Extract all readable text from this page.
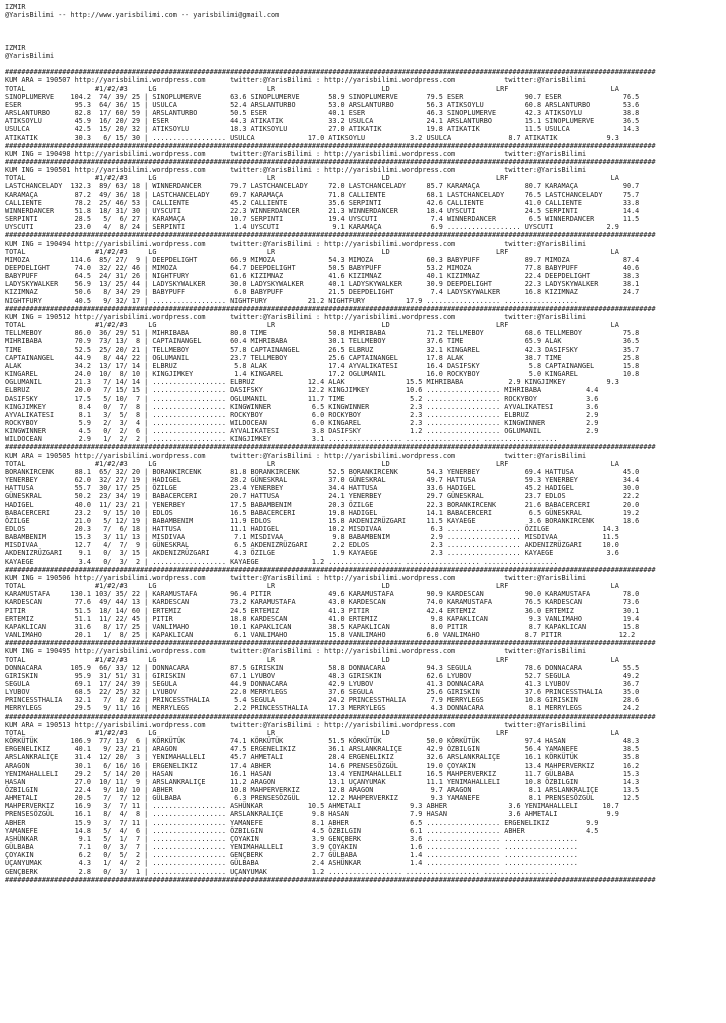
IZMIR
@YarisBilimi -- http://www.yarisbilimi.com -- yarisbilimi@gmail.com

IZMIR
@YarisBilimi

###############################################################################################################################################################
KUM ARA = 190507 http://yarisbilimi.wordpress.com      twitter:@YarisBilimi : http://yarisbilimi.wordpress.com            twitter:@YarisBilimi
TOTAL                 #1/#2/#3     LG                           LR                          LD                          LRF                         LA
SINOPLUMERVE    104.2  74/ 39/ 25 | SINOPLUMERVE       63.6 SINOPLUMERVE       58.9 SINOPLUMERVE       79.5 ESER               90.7 ESER               76.5
ESER             95.3  64/ 36/ 15 | USULCA             52.4 ARSLANTURBO        53.0 ARSLANTURBO        56.3 ATIKSOYLU          60.8 ARSLANTURBO        53.6
ARSLANTURBO      82.8  17/ 60/ 59 | ARSLANTURBO        50.5 ESER               40.1 ESER               46.3 SINOPLUMERVE       42.3 ATIKSOYLU          38.8
ATIKSOYLU        45.9  16/ 20/ 29 | ESER               44.3 ATIKATIK           33.2 USULCA             24.1 ARSLANTURBO        15.1 SINOPLUMERVE       36.5
USULCA           42.5  15/ 20/ 32 | ATIKSOYLU          18.3 ATIKSOYLU          27.0 ATIKATIK           19.8 ATIKATIK           11.5 USULCA             14.3
ATIKATIK         30.3   6/ 15/ 30 | .................. USULCA             17.0 ATIKSOYLU           3.2 USULCA              8.7 ATIKATIK            9.3
###############################################################################################################################################################
KUM ING = 190498 http://yarisbilimi.wordpress.com      twitter:@YarisBilimi : http://yarisbilimi.wordpress.com            twitter:@YarisBilimi
###############################################################################################################################################################
KUM ING = 190501 http://yarisbilimi.wordpress.com      twitter:@YarisBilimi : http://yarisbilimi.wordpress.com            twitter:@YarisBilimi
TOTAL                 #1/#2/#3     LG                           LR                          LD                          LRF                         LA
LASTCHANCELADY  132.3  89/ 63/ 18 | WINNERDANCER       79.7 LASTCHANCELADY     72.0 LASTCHANCELADY     85.7 KARAMAÇA           80.7 KARAMAÇA           90.7
KARAMAÇA         87.2  49/ 36/ 18 | LASTCHANCELADY     69.7 KARAMAÇA           71.8 CALLIENTE          68.1 LASTCHANCELADY     76.5 LASTCHANCELADY     75.7
CALLIENTE        78.2  25/ 46/ 53 | CALLIENTE          45.2 CALLIENTE          35.6 SERPINTI           42.6 CALLIENTE          41.0 CALLIENTE          33.8
WINNERDANCER     51.8  18/ 31/ 30 | UYSCUTI            22.3 WINNERDANCER       21.3 WINNERDANCER       18.4 UYSCUTI            24.5 SERPINTI           14.4
SERPINTI         28.5   5/  6/ 27 | KARAMAÇA           10.7 SERPINTI           19.4 UYSCUTI             7.4 WINNERDANCER        6.5 WINNERDANCER       11.5
UYSCUTI          23.0   4/  8/ 24 | SERPINTI            1.4 UYSCUTI             9.1 KARAMAÇA            6.9 .................. UYSCUTI             2.9
###############################################################################################################################################################
KUM ING = 190494 http://yarisbilimi.wordpress.com      twitter:@YarisBilimi : http://yarisbilimi.wordpress.com            twitter:@YarisBilimi
TOTAL                 #1/#2/#3     LG                           LR                          LD                          LRF                         LA
MIMOZA          114.6  85/ 27/  9 | DEEPDELIGHT        66.9 MIMOZA             54.3 MIMOZA             60.3 BABYPUFF           89.7 MIMOZA             87.4
DEEPDELIGHT      74.0  32/ 22/ 46 | MIMOZA             64.7 DEEPDELIGHT        50.5 BABYPUFF           53.2 MIMOZA             77.8 BABYPUFF           40.6
BABYPUFF         64.5  24/ 31/ 26 | NIGHTFURY          61.6 KIZIMNAZ           41.6 KIZIMNAZ           40.1 KIZIMNAZ           22.4 DEEPDELIGHT        38.3
LADYSKYWALKER    56.9  13/ 25/ 44 | LADYSKYWALKER      30.0 LADYSKYWALKER      40.1 LADYSKYWALKER      30.9 DEEPDELIGHT        22.3 LADYSKYWALKER      38.1
KIZIMNAZ         50.6   8/ 34/ 29 | BABYPUFF            6.0 BABYPUFF           21.5 DEEPDELIGHT         7.4 LADYSKYWALKER      16.8 KIZIMNAZ           24.7
NIGHTFURY        40.5   9/ 32/ 17 | .................. NIGHTFURY          21.2 NIGHTFURY          17.9 .................. ..................
###############################################################################################################################################################
KUM ING = 190512 http://yarisbilimi.wordpress.com      twitter:@YarisBilimi : http://yarisbilimi.wordpress.com            twitter:@YarisBilimi
TOTAL                 #1/#2/#3     LG                           LR                          LD                          LRF                         LA
TELLMEBOY        86.0  36/ 29/ 51 | MIHRIBABA          80.0 TIME               50.8 MIHRIBABA          71.2 TELLMEBOY          68.6 TELLMEBOY          75.8
MIHRIBABA        70.9  73/ 13/  8 | CAPTAINANGEL       60.4 MIHRIBABA          30.1 TELLMEBOY          37.6 TIME               65.9 ALAK               36.5
TIME             52.5  25/ 20/ 21 | TELLMEBOY          57.8 CAPTAINANGEL       26.5 ELBRUZ             32.1 KINGAREL           42.3 DASIFSKY           35.7
CAPTAINANGEL     44.9   8/ 44/ 22 | OGLUMANIL          23.7 TELLMEBOY          25.6 CAPTAINANGEL       17.8 ALAK               38.7 TIME               25.8
ALAK             34.2  13/ 17/ 14 | ELBRUZ              5.8 ALAK               17.4 AYVALIKATESI       16.4 DASIFSKY            5.8 CAPTAINANGEL       15.8
KINGAREL         24.0  10/  8/ 10 | KINGJIMKEY          1.4 KINGAREL           17.2 OGLUMANIL          16.0 ROCKYBOY            5.0 KINGAREL           10.8
OGLUMANIL        21.3   7/ 14/ 14 | .................. ELBRUZ             12.4 ALAK               15.5 MIHRIBABA           2.9 KINGJIMKEY          9.3
ELBRUZ           20.0   7/ 15/ 15 | .................. DASIFSKY           12.2 KINGJIMKEY         10.6 .................. MIHRIBABA           4.4
DASIFSKY         17.5   5/ 10/  7 | .................. OGLUMANIL          11.7 TIME                5.2 .................. ROCKYBOY            3.6
KINGJIMKEY        8.4   0/  7/  8 | .................. KINGWINNER          6.5 KINGWINNER          2.3 .................. AYVALIKATESI        3.6
AYVALIKATESI      8.1   3/  5/  8 | .................. ROCKYBOY            6.0 ROCKYBOY            2.3 .................. ELBRUZ              2.9
ROCKYBOY          5.9   2/  3/  4 | .................. WILDOCEAN           6.0 KINGAREL            2.3 .................. KINGWINNER          2.9
KINGWINNER        4.5   0/  2/  6 | .................. AYVALIKATESI        3.8 DASIFSKY            1.2 .................. OGLUMANIL           2.9
WILDOCEAN         2.9   1/  2/  2 | .................. KINGJIMKEY          3.1 .................. .................. ..................
###############################################################################################################################################################
KUM ARA = 190505 http://yarisbilimi.wordpress.com      twitter:@YarisBilimi : http://yarisbilimi.wordpress.com            twitter:@YarisBilimi
TOTAL                 #1/#2/#3     LG                           LR                          LD                          LRF                         LA
BORANKIRCENK     88.1  65/ 32/ 20 | BORANKIRCENK       81.8 BORANKIRCENK       52.5 BORANKIRCENK       54.3 YENERBEY           69.4 HATTUSA            45.0
YENERBEY         62.0  32/ 27/ 19 | HADIGEL            28.2 GÜNESKRAL          37.0 GÜNESKRAL          49.7 HATTUSA            59.3 YENERBEY           34.4
HATTUSA          55.7  30/ 17/ 25 | ÖZILGE             23.4 YENERBEY           34.4 HATTUSA            33.6 HADIGEL            45.2 HADIGEL            30.0
GÜNESKRAL        50.2  23/ 34/ 19 | BABACERCERI        20.7 HATTUSA            24.1 YENERBEY           29.7 GÜNESKRAL          23.7 EDLOS              22.2
HADIGEL          40.0  11/ 23/ 21 | YENERBEY           17.5 BABAMBENIM         20.3 ÖZILGE             22.3 BORANKIRCENK       21.6 BABACERCERI        20.0
BABACERCERI      23.2   9/ 15/ 10 | EDLOS              16.5 BABACERCERI        19.8 HADIGEL            14.1 BABACERCERI         6.5 GÜNESKRAL          19.2
ÖZILGE           21.0   5/ 12/ 19 | BABAMBENIM         11.9 EDLOS              15.8 AKDENIZRÜZGARI     11.5 KAYAEGE             3.6 BORANKIRCENK       18.6
EDLOS            20.3   7/  6/ 18 | HATTUSA            11.1 HADIGEL            10.2 MISDIVAA            6.3 .................. ÖZILGE             14.3
BABAMBENIM       15.3   3/ 11/ 13 | MISDIVAA            7.1 MISDIVAA            9.8 BABAMBENIM          2.9 .................. MISDIVAA           11.5
MISDIVAA         12.7   4/  7/  9 | GÜNESKRAL           6.5 AKDENIZRÜZGARI      2.2 EDLOS               2.3 .................. AKDENIZRÜZGARI     10.0
AKDENIZRÜZGARI    9.1   0/  3/ 15 | AKDENIZRÜZGARI      4.3 ÖZILGE              1.9 KAYAEGE             2.3 .................. KAYAEGE             3.6
KAYAEGE           3.4   0/  3/  2 | .................. KAYAEGE             1.2 .................. .................. ..................
###############################################################################################################################################################
KUM ING = 190506 http://yarisbilimi.wordpress.com      twitter:@YarisBilimi : http://yarisbilimi.wordpress.com            twitter:@YarisBilimi
TOTAL                 #1/#2/#3     LG                           LR                          LD                          LRF                         LA
KARAMUSTAFA     130.1 103/ 35/ 22 | KARAMUSTAFA        96.4 PITIR              49.6 KARAMUSTAFA        90.9 KARDESCAN          90.0 KARAMUSTAFA        78.0
KARDESCAN        77.6  49/ 44/ 13 | KARDESCAN          73.2 KARAMUSTAFA        43.0 KARDESCAN          74.0 KARAMUSTAFA        76.5 KARDESCAN          73.6
PITIR            51.5  18/ 14/ 60 | ERTEMIZ            24.5 ERTEMIZ            41.3 PITIR              42.4 ERTEMIZ            36.0 ERTEMIZ            30.1
ERTEMIZ          51.1  11/ 22/ 45 | PITIR              18.8 KARDESCAN          41.0 ERTEMIZ             9.8 KAPAKLICAN          9.3 VANLIMAHO          19.4
KAPAKLICAN       31.6   8/ 17/ 25 | VANLIMAHO          10.1 KAPAKLICAN         38.5 KAPAKLICAN          8.0 PITIR               8.7 KAPAKLICAN         15.8
VANLIMAHO        20.1   1/  8/ 25 | KAPAKLICAN          6.1 VANLIMAHO          15.8 VANLIMAHO          6.0 VANLIMAHO           8.7 PITIR              12.2
###############################################################################################################################################################
KUM ING = 190495 http://yarisbilimi.wordpress.com      twitter:@YarisBilimi : http://yarisbilimi.wordpress.com            twitter:@YarisBilimi
TOTAL                 #1/#2/#3     LG                           LR                          LD                          LRF                         LA
DONNACARA       105.9  66/ 33/ 12 | DONNACARA          87.5 GIRISKIN           58.8 DONNACARA          94.3 SEGULA             78.6 DONNACARA          55.5
GIRISKIN         95.9  31/ 51/ 31 | GIRISKIN           67.1 LYUBOV             48.3 GIRISKIN           62.6 LYUBOV             52.7 SEGULA             49.2
SEGULA           69.1  17/ 24/ 39 | SEGULA             44.9 DONNACARA          42.9 LYUBOV             41.3 DONNACARA          41.3 LYUBOV             36.7
LYUBOV           68.5  22/ 25/ 32 | LYUBOV             22.0 MERRYLEGS          37.6 SEGULA             25.6 GIRISKIN           37.6 PRINCESSTHALIA     35.0
PRINCESSTHALIA   32.1   7/  8/ 22 | PRINCESSTHALIA      5.4 SEGULA             24.2 PRINCESSTHALIA      7.9 MERRYLEGS          10.8 GIRISKIN           28.6
MERRYLEGS        29.5   9/ 11/ 16 | MERRYLEGS           2.2 PRINCESSTHALIA     17.3 MERRYLEGS           4.3 DONNACARA           8.1 MERRYLEGS          24.2
###############################################################################################################################################################
KUM ARA = 190513 http://yarisbilimi.wordpress.com      twitter:@YarisBilimi : http://yarisbilimi.wordpress.com            twitter:@YarisBilimi
TOTAL                 #1/#2/#3     LG                           LR                          LD                          LRF                         LA
KÖRKÜTÜK        106.9  77/ 13/  6 | KÖRKÜTÜK           74.1 KÖRKÜTÜK           51.5 KÖRKÜTÜK           50.0 KÖRKÜTÜK           97.4 HASAN              48.3
ERGENELIKIZ      40.1   9/ 23/ 21 | ARAGON             47.5 ERGENELIKIZ        36.1 ARSLANKRALIÇE      42.9 ÖZBILGIN           56.4 YAMANEFE           38.5
ARSLANKRALIÇE    31.4  12/ 20/  3 | YENIMAHALLELI      45.7 AHMETALI           28.4 ERGENELIKIZ        32.6 ARSLANKRALIÇE      16.1 KÖRKÜTÜK           35.8
ARAGON           30.1   6/ 16/ 16 | ERGENELIKIZ        17.4 ABHER              14.6 PRENSESÖZGÜL       19.0 ÇOYAKIN            13.4 MAHPERVERKIZ       16.2
YENIMAHALLELI    29.2   5/ 14/ 20 | HASAN              16.1 HASAN              13.4 YENIMAHALLELI      16.5 MAHPERVERKIZ       11.7 GÜLBABA            15.3
HASAN            27.0  10/ 11/  9 | ARSLANKRALIÇE      11.2 ARAGON             13.1 UÇANYUMAK          11.1 YENIMAHALLELI      10.8 ÖZBILGIN           14.3
ÖZBILGIN         22.4   9/ 10/ 10 | ABHER              10.8 MAHPERVERKIZ       12.8 ARAGON              9.7 ARAGON              8.1 ARSLANKRALIÇE      13.5
AHMETALI         20.5   7/  7/ 12 | GÜLBABA             6.3 PRENSESÖZGÜL       12.2 MAHPERVERKIZ        9.3 YAMANEFE            8.1 PRENSESÖZGÜL       12.5
MAHPERVERKIZ     16.9   3/  7/ 11 | .................. ASHÜNKAR           10.5 AHMETALI            9.3 ABHER               3.6 YENIMAHALLELI      10.7
PRENSESÖZGÜL     16.1   8/  4/  8 | .................. ARSLANKRALIÇE       9.8 HASAN               7.9 HASAN               3.6 AHMETALI            9.9
ABHER            15.9   3/  7/ 11 | .................. YAMANEFE            8.1 ABHER               6.5 .................. ERGENELIKIZ         9.9
YAMANEFE         14.8   5/  4/  6 | .................. ÖZBILGIN            4.5 ÖZBILGIN            6.1 .................. ABHER               4.5
ASHÜNKAR          9.1   5/  1/  7 | .................. ÇOYAKIN             3.9 GENÇBERK            3.6 .................. ..................
GÜLBABA           7.1   0/  3/  7 | .................. YENIMAHALLELI       3.9 ÇOYAKIN             1.6 .................. ..................
ÇOYAKIN           6.2   0/  5/  2 | .................. GENÇBERK            2.7 GÜLBABA             1.4 .................. ..................
UÇANYUMAK         4.3   1/  4/  2 | .................. GÜLBABA             2.4 ASHÜNKAR            1.4 .................. ..................
GENÇBERK          2.8   0/  3/  1 | .................. UÇANYUMAK           1.2 .................. .................. ..................
###############################################################################################################################################################
